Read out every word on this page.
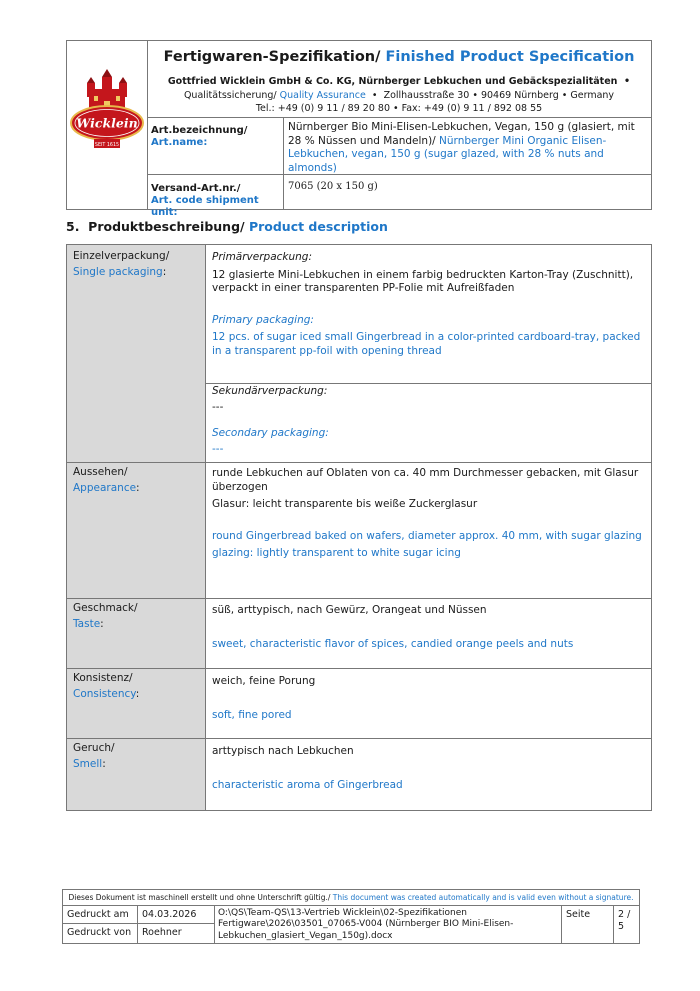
Wicklein
SEIT 1615
Fertigwaren-Spezifikation/ Finished Product Specification
Gottfried Wicklein GmbH & Co. KG, Nürnberger Lebkuchen und Gebäckspezialitäten •
Qualitätssicherung/ Quality Assurance • Zollhausstraße 30 • 90469 Nürnberg • Germany
Tel.: +49 (0) 9 11 / 89 20 80 • Fax: +49 (0) 9 11 / 892 08 55
Art.bezeichnung/
Art.name:
Nürnberger Bio Mini-Elisen-Lebkuchen, Vegan, 150 g (glasiert, mit 28 % Nüssen und Mandeln)/ Nürnberger Mini Organic Elisen-Lebkuchen, vegan, 150 g (sugar glazed, with 28 % nuts and almonds)
Versand-Art.nr./
Art. code shipment unit:
7065 (20 x 150 g)
5. Produktbeschreibung/ Product description
Einzelverpackung/
Single packaging:
Primärverpackung:
12 glasierte Mini-Lebkuchen in einem farbig bedruckten Karton-Tray (Zuschnitt), verpackt in einer transparenten PP-Folie mit Aufreißfaden
Primary packaging:
12 pcs. of sugar iced small Gingerbread in a color-printed cardboard-tray, packed in a transparent pp-foil with opening thread
Sekundärverpackung:
---
Secondary packaging:
---
Aussehen/
Appearance:
runde Lebkuchen auf Oblaten von ca. 40 mm Durchmesser gebacken, mit Glasur überzogen
Glasur: leicht transparente bis weiße Zuckerglasur
round Gingerbread baked on wafers, diameter approx. 40 mm, with sugar glazing
glazing: lightly transparent to white sugar icing
Geschmack/
Taste:
süß, arttypisch, nach Gewürz, Orangeat und Nüssen
sweet, characteristic flavor of spices, candied orange peels and nuts
Konsistenz/
Consistency:
weich, feine Porung
soft, fine pored
Geruch/
Smell:
arttypisch nach Lebkuchen
characteristic aroma of Gingerbread
Dieses Dokument ist maschinell erstellt und ohne Unterschrift gültig./ This document was created automatically and is valid even without a signature.
Gedruckt am 04.03.2026
Gedruckt von Roehner
O:\QS\Team-QS\13-Vertrieb Wicklein\02-Spezifikationen Fertigware\2026\03501_07065-V004 (Nürnberger BIO Mini-Elisen-Lebkuchen_glasiert_Vegan_150g).docx
Seite	2 / 5
